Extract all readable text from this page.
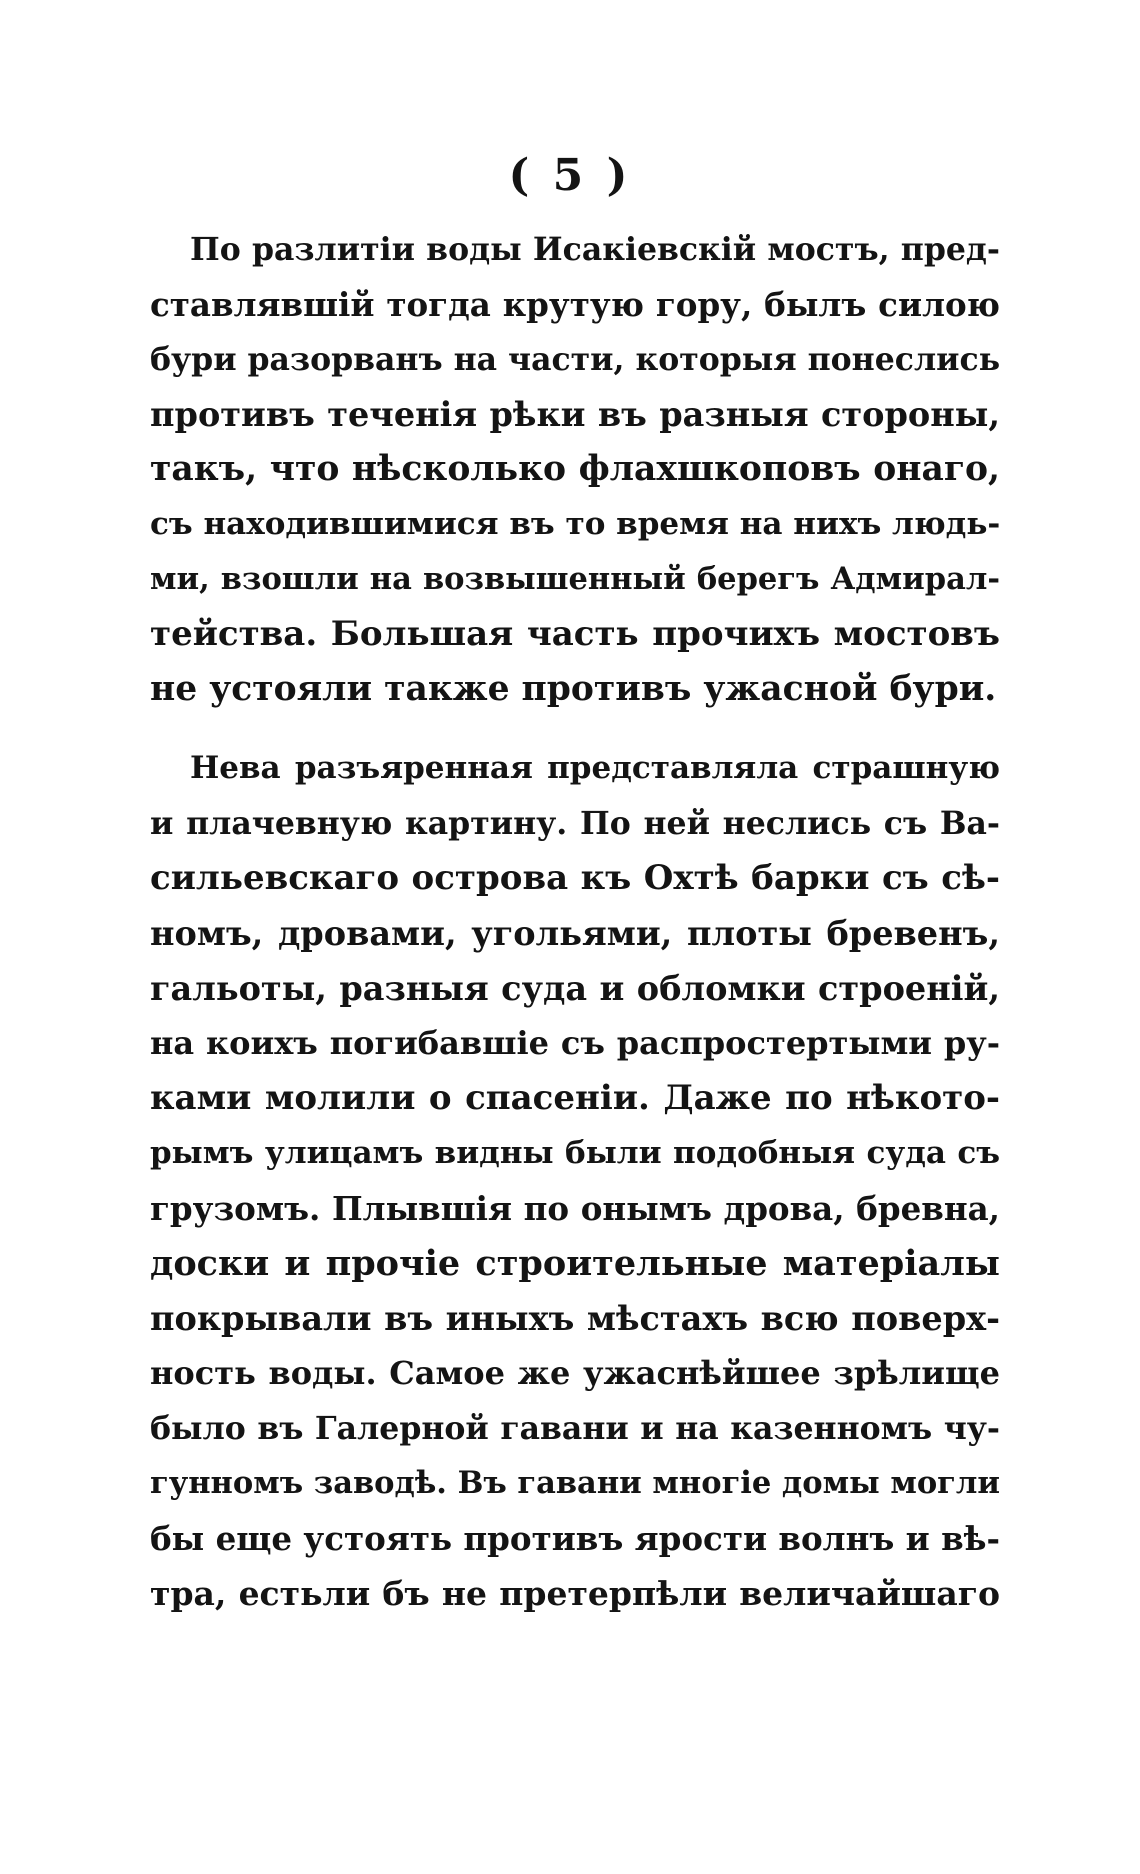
( 5 )
По разлитіи воды Исакіевскій мостъ, пред-
ставлявшій тогда крутую гору, былъ силою
бури разорванъ на части, которыя понеслись
противъ теченія рѣки въ разныя стороны,
такъ, что нѣсколько флахшкоповъ онаго,
съ находившимися въ то время на нихъ людь-
ми, взошли на возвышенный берегъ Адмирал-
тейства. Большая часть прочихъ мостовъ
не устояли также противъ ужасной бури.
Нева разъяренная представляла страшную
и плачевную картину. По ней неслись съ Ва-
сильевскаго острова къ Охтѣ барки съ сѣ-
номъ, дровами, угольями, плоты бревенъ,
гальоты, разныя суда и обломки строеній,
на коихъ погибавшіе съ распростертыми ру-
ками молили о спасеніи. Даже по нѣкото-
рымъ улицамъ видны были подобныя суда съ
грузомъ. Плывшія по онымъ дрова, бревна,
доски и прочіе строительные матеріалы
покрывали въ иныхъ мѣстахъ всю поверх-
ность воды. Самое же ужаснѣйшее зрѣлище
было въ Галерной гавани и на казенномъ чу-
гунномъ заводѣ. Въ гавани многіе домы могли
бы еще устоять противъ ярости волнъ и вѣ-
тра, естьли бъ не претерпѣли величайшаго
